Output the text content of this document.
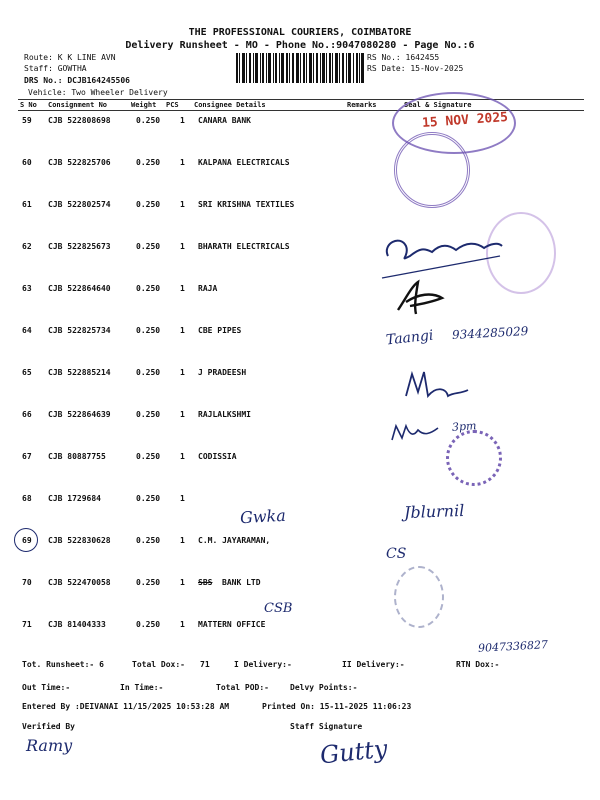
THE PROFESSIONAL COURIERS, COIMBATORE
Delivery Runsheet - MO - Phone No.:9047080280 - Page No.:6
Route: K K LINE AVN
Staff: GOWTHA
DRS No.: DCJB164245506
Vehicle: Two Wheeler Delivery
RS No.: 1642455
RS Date: 15-Nov-2025
S No Consignment No	Weight PCS Consignee Details	Remarks	Seal & Signature
59 CJB 522808698	0.250 1 CANARA BANK
60 CJB 522825706	0.250 1 KALPANA ELECTRICALS
61 CJB 522802574	0.250 1 SRI KRISHNA TEXTILES
62 CJB 522825673	0.250 1 BHARATH ELECTRICALS
63 CJB 522864640	0.250 1 RAJA
64 CJB 522825734	0.250 1 CBE PIPES
65 CJB 522885214	0.250 1 J PRADEESH
66 CJB 522864639	0.250 1 RAJLALKSHMI
67 CJB 80887755	0.250 1 CODISSIA
68 CJB 1729684	0.250 1
69 CJB 522830628	0.250 1 C.M. JAYARAMAN,
70 CJB 522470058	0.250 1 SBS BANK LTD
71 CJB 81404333	0.250 1 MATTERN OFFICE
15 NOV 2025
Taangi 9344285029
3pm
Gwka	Jblurnil
CS
CSB
9047336827
Tot. Runsheet:- 6	Total Dox:- 71	I Delivery:-	II Delivery:-	RTN Dox:-
Out Time:-	In Time:-	Total POD:-	Delvy Points:-
Entered By :DEIVANAI 11/15/2025 10:53:28 AM	Printed On: 15-11-2025 11:06:23
Verified By	Staff Signature
Ramy	Gutty
